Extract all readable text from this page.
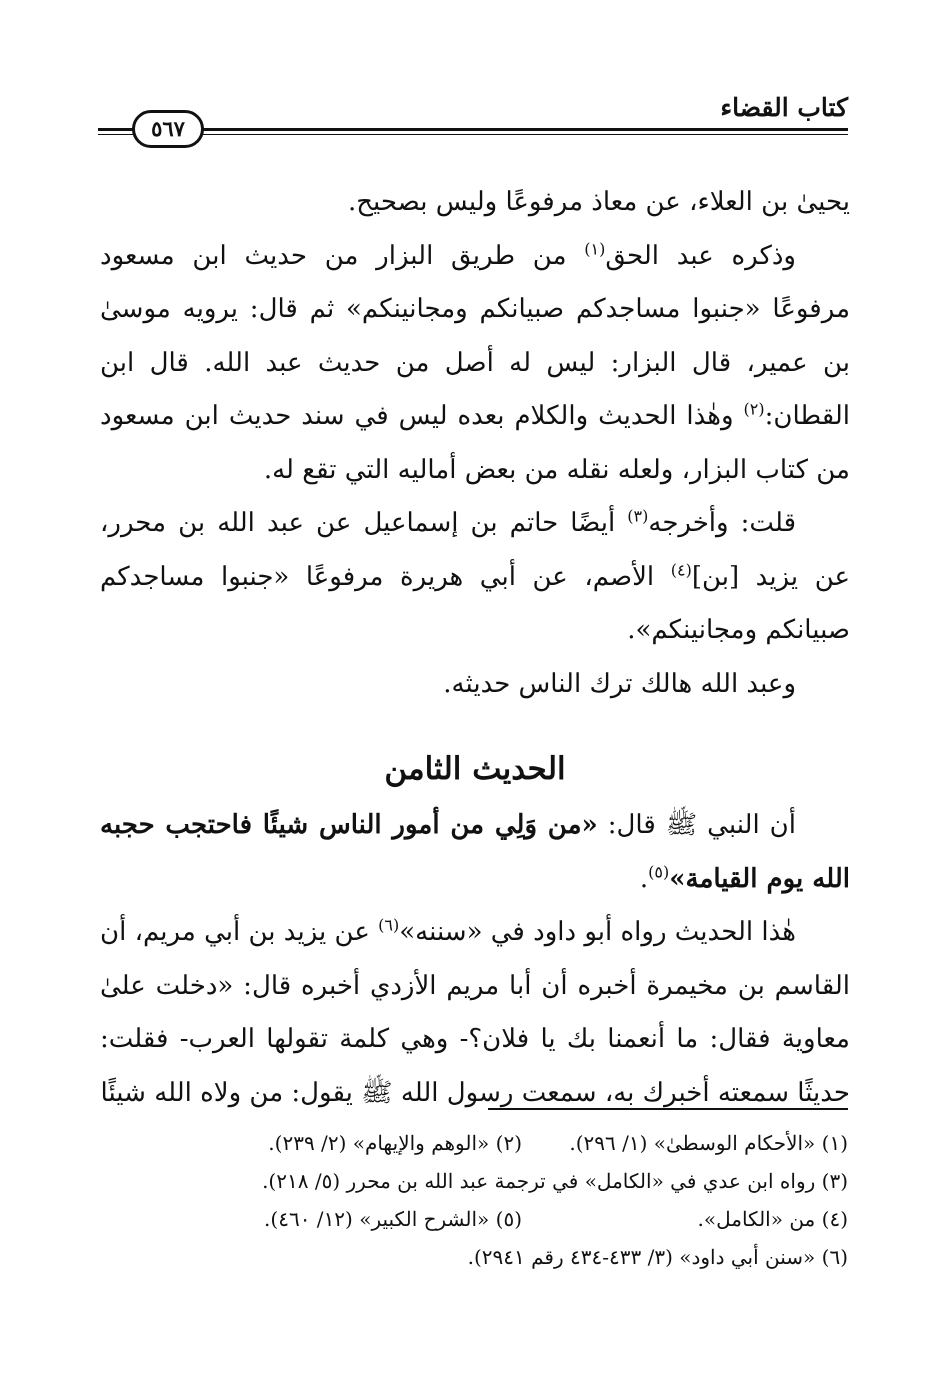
كتاب القضاء
٥٦٧

يحيىٰ بن العلاء، عن معاذ مرفوعًا وليس بصحيح.

وذكره عبد الحق$^{(١)}$ من طريق البزار من حديث ابن مسعود مرفوعًا «جنبوا مساجدكم صبيانكم ومجانينكم» ثم قال: يرويه موسىٰ بن عمير، قال البزار: ليس له أصل من حديث عبد الله. قال ابن القطان:$^{(٢)}$ وهٰذا الحديث والكلام بعده ليس في سند حديث ابن مسعود من كتاب البزار، ولعله نقله من بعض أماليه التي تقع له.

قلت: وأخرجه$^{(٣)}$ أيضًا حاتم بن إسماعيل عن عبد الله بن محرر، عن يزيد [بن]$^{(٤)}$ الأصم، عن أبي هريرة مرفوعًا «جنبوا مساجدكم صبيانكم ومجانينكم».

وعبد الله هالك ترك الناس حديثه.

الحديث الثامن

أن النبي ﷺ قال: «من وَلِي من أمور الناس شيئًا فاحتجب حجبه الله يوم القيامة»$^{(٥)}$.

هٰذا الحديث رواه أبو داود في «سننه»$^{(٦)}$ عن يزيد بن أبي مريم، أن القاسم بن مخيمرة أخبره أن أبا مريم الأزدي أخبره قال: «دخلت علىٰ معاوية فقال: ما أنعمنا بك يا فلان؟- وهي كلمة تقولها العرب- فقلت: حديثًا سمعته أخبرك به، سمعت رسول الله ﷺ يقول: من ولاه الله شيئًا

(١) «الأحكام الوسطىٰ» (١/ ٢٩٦).(٢) «الوهم والإيهام» (٢/ ٢٣٩).
(٣) رواه ابن عدي في «الكامل» في ترجمة عبد الله بن محرر (٥/ ٢١٨).
(٤) من «الكامل».(٥) «الشرح الكبير» (١٢/ ٤٦٠).
(٦) «سنن أبي داود» (٣/ ٤٣٣-٤٣٤ رقم ٢٩٤١).
